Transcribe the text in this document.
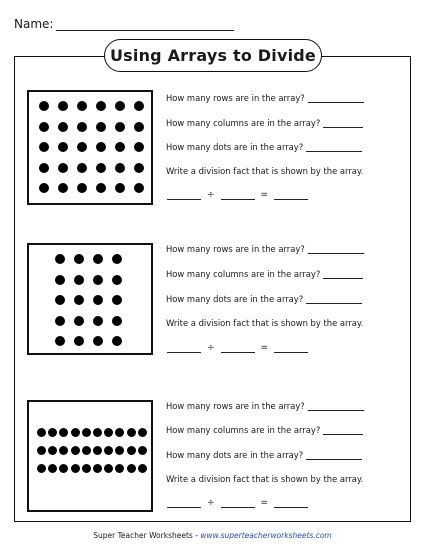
Name:
Using Arrays to Divide
How many rows are in the array?
How many columns are in the array?
How many dots are in the array?
Write a division fact that is shown by the array.
÷	=
How many rows are in the array?
How many columns are in the array?
How many dots are in the array?
Write a division fact that is shown by the array.
÷	=
How many rows are in the array?
How many columns are in the array?
How many dots are in the array?
Write a division fact that is shown by the array.
÷	=
Super Teacher Worksheets - www.superteacherworksheets.com
